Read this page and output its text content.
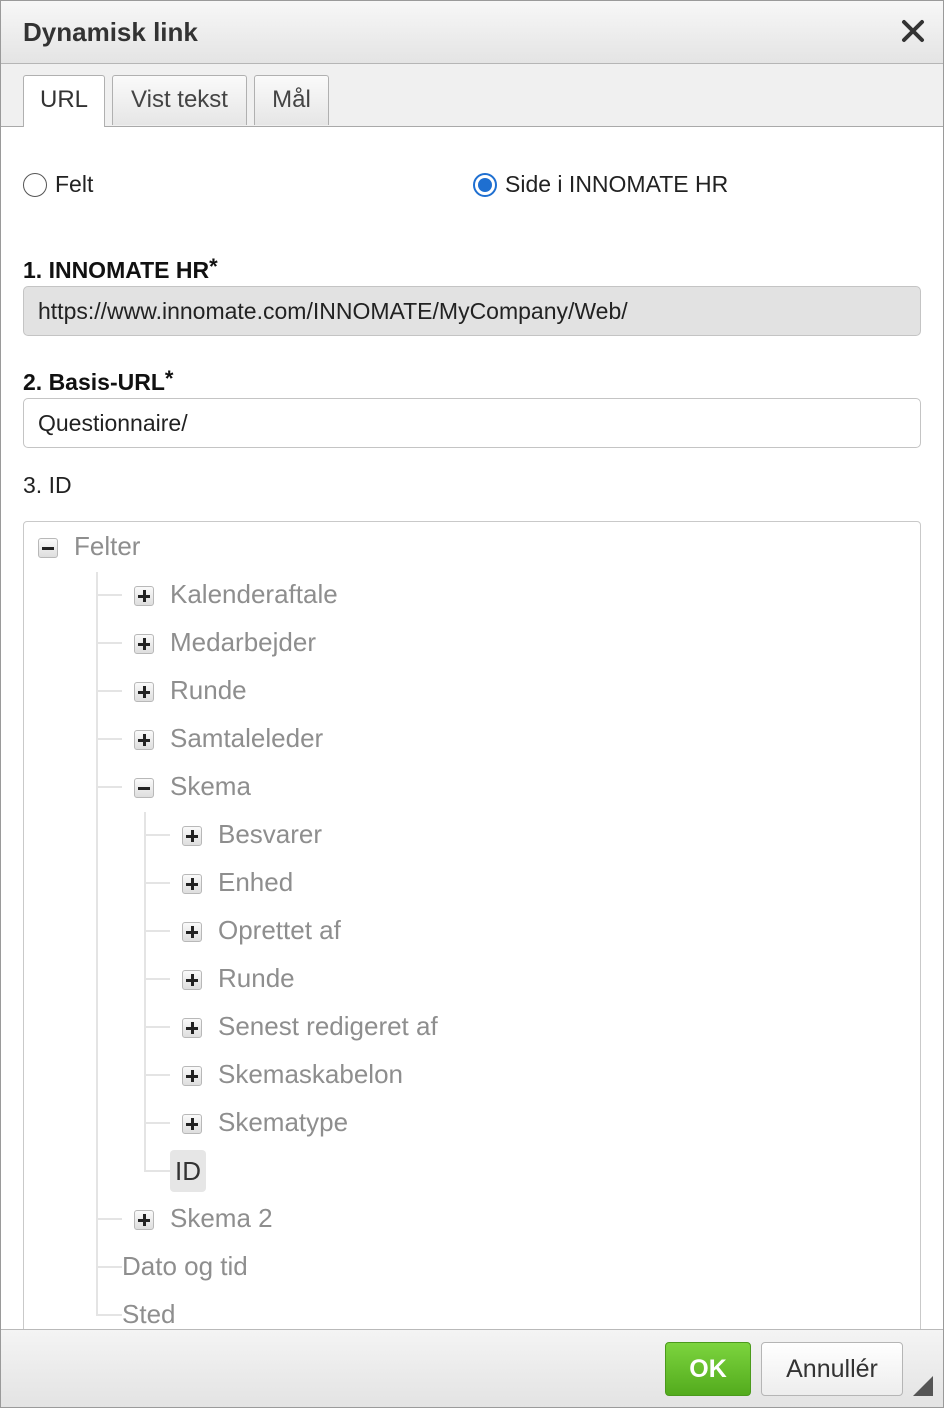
Dynamisk link
URL	Vist tekst	Mål
Felt	Side i INNOMATE HR
1. INNOMATE HR*
https://www.innomate.com/INNOMATE/MyCompany/Web/
2. Basis-URL*
Questionnaire/
3. ID
Felter
Kalenderaftale
Medarbejder
Runde
Samtaleleder
Skema
Besvarer
Enhed
Oprettet af
Runde
Senest redigeret af
Skemaskabelon
Skematype
ID
Skema 2
Dato og tid
Sted
OK	Annullér
